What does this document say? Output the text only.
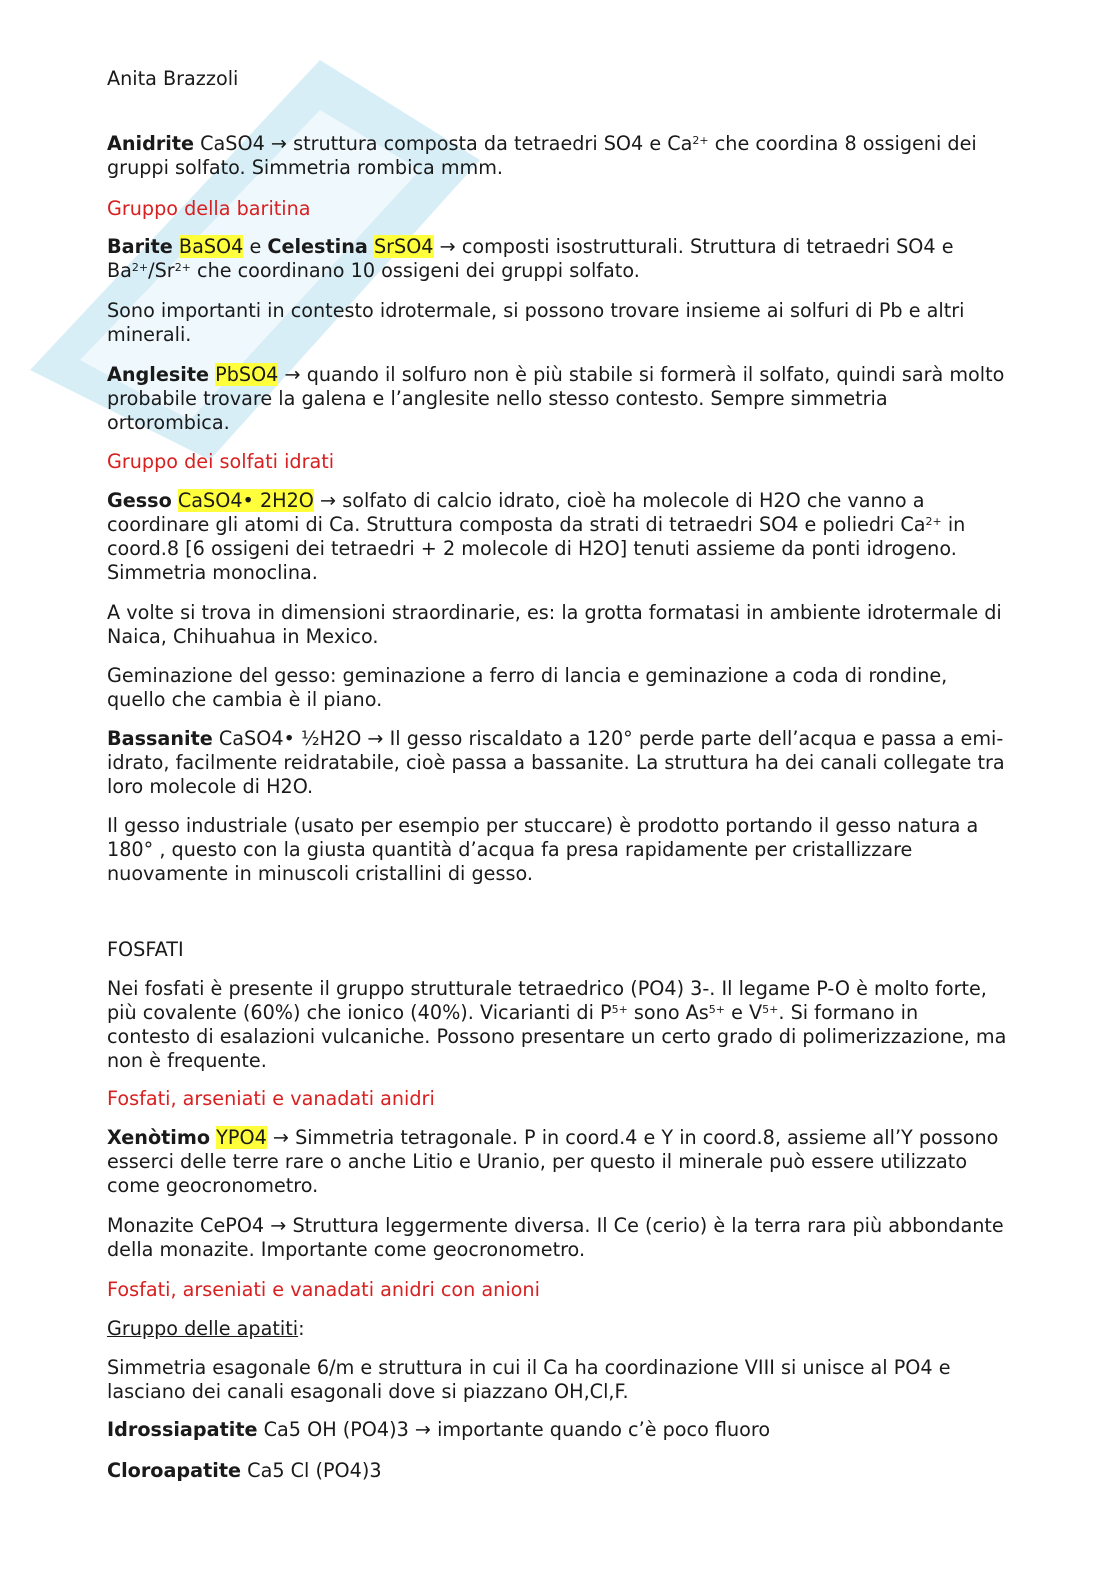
Anita Brazzoli

Anidrite CaSO4 → struttura composta da tetraedri SO4 e $Ca^{2+}$ che coordina 8 ossigeni dei gruppi solfato. Simmetria rombica mmm.

Gruppo della baritina

Barite BaSO4 e Celestina SrSO4 → composti isostrutturali. Struttura di tetraedri SO4 e $Ba^{2+}/Sr^{2+}$ che coordinano 10 ossigeni dei gruppi solfato.

Sono importanti in contesto idrotermale, si possono trovare insieme ai solfuri di Pb e altri minerali.

Anglesite PbSO4 → quando il solfuro non è più stabile si formerà il solfato, quindi sarà molto probabile trovare la galena e l’anglesite nello stesso contesto. Sempre simmetria ortorombica.

Gruppo dei solfati idrati

Gesso CaSO4• 2H2O → solfato di calcio idrato, cioè ha molecole di H2O che vanno a coordinare gli atomi di Ca. Struttura composta da strati di tetraedri SO4 e poliedri $Ca^{2+}$ in coord.8 [6 ossigeni dei tetraedri + 2 molecole di H2O] tenuti assieme da ponti idrogeno. Simmetria monoclina.

A volte si trova in dimensioni straordinarie, es: la grotta formatasi in ambiente idrotermale di Naica, Chihuahua in Mexico.

Geminazione del gesso: geminazione a ferro di lancia e geminazione a coda di rondine, quello che cambia è il piano.

Bassanite CaSO4• ½H2O → Il gesso riscaldato a 120° perde parte dell’acqua e passa a emi-idrato, facilmente reidratabile, cioè passa a bassanite. La struttura ha dei canali collegate tra loro molecole di H2O.

Il gesso industriale (usato per esempio per stuccare) è prodotto portando il gesso natura a 180° , questo con la giusta quantità d’acqua fa presa rapidamente per cristallizzare nuovamente in minuscoli cristallini di gesso.

FOSFATI

Nei fosfati è presente il gruppo strutturale tetraedrico (PO4) 3-. Il legame P-O è molto forte, più covalente (60%) che ionico (40%). Vicarianti di $P^{5+}$ sono $As^{5+}$ e $V^{5+}$. Si formano in contesto di esalazioni vulcaniche. Possono presentare un certo grado di polimerizzazione, ma non è frequente.

Fosfati, arseniati e vanadati anidri

Xenòtimo YPO4 → Simmetria tetragonale. P in coord.4 e Y in coord.8, assieme all’Y possono esserci delle terre rare o anche Litio e Uranio, per questo il minerale può essere utilizzato come geocronometro.

Monazite CePO4 → Struttura leggermente diversa. Il Ce (cerio) è la terra rara più abbondante della monazite. Importante come geocronometro.

Fosfati, arseniati e vanadati anidri con anioni

Gruppo delle apatiti:

Simmetria esagonale 6/m e struttura in cui il Ca ha coordinazione VIII si unisce al PO4 e lasciano dei canali esagonali dove si piazzano OH,Cl,F.

Idrossiapatite Ca5 OH (PO4)3 → importante quando c’è poco fluoro

Cloroapatite Ca5 Cl (PO4)3
